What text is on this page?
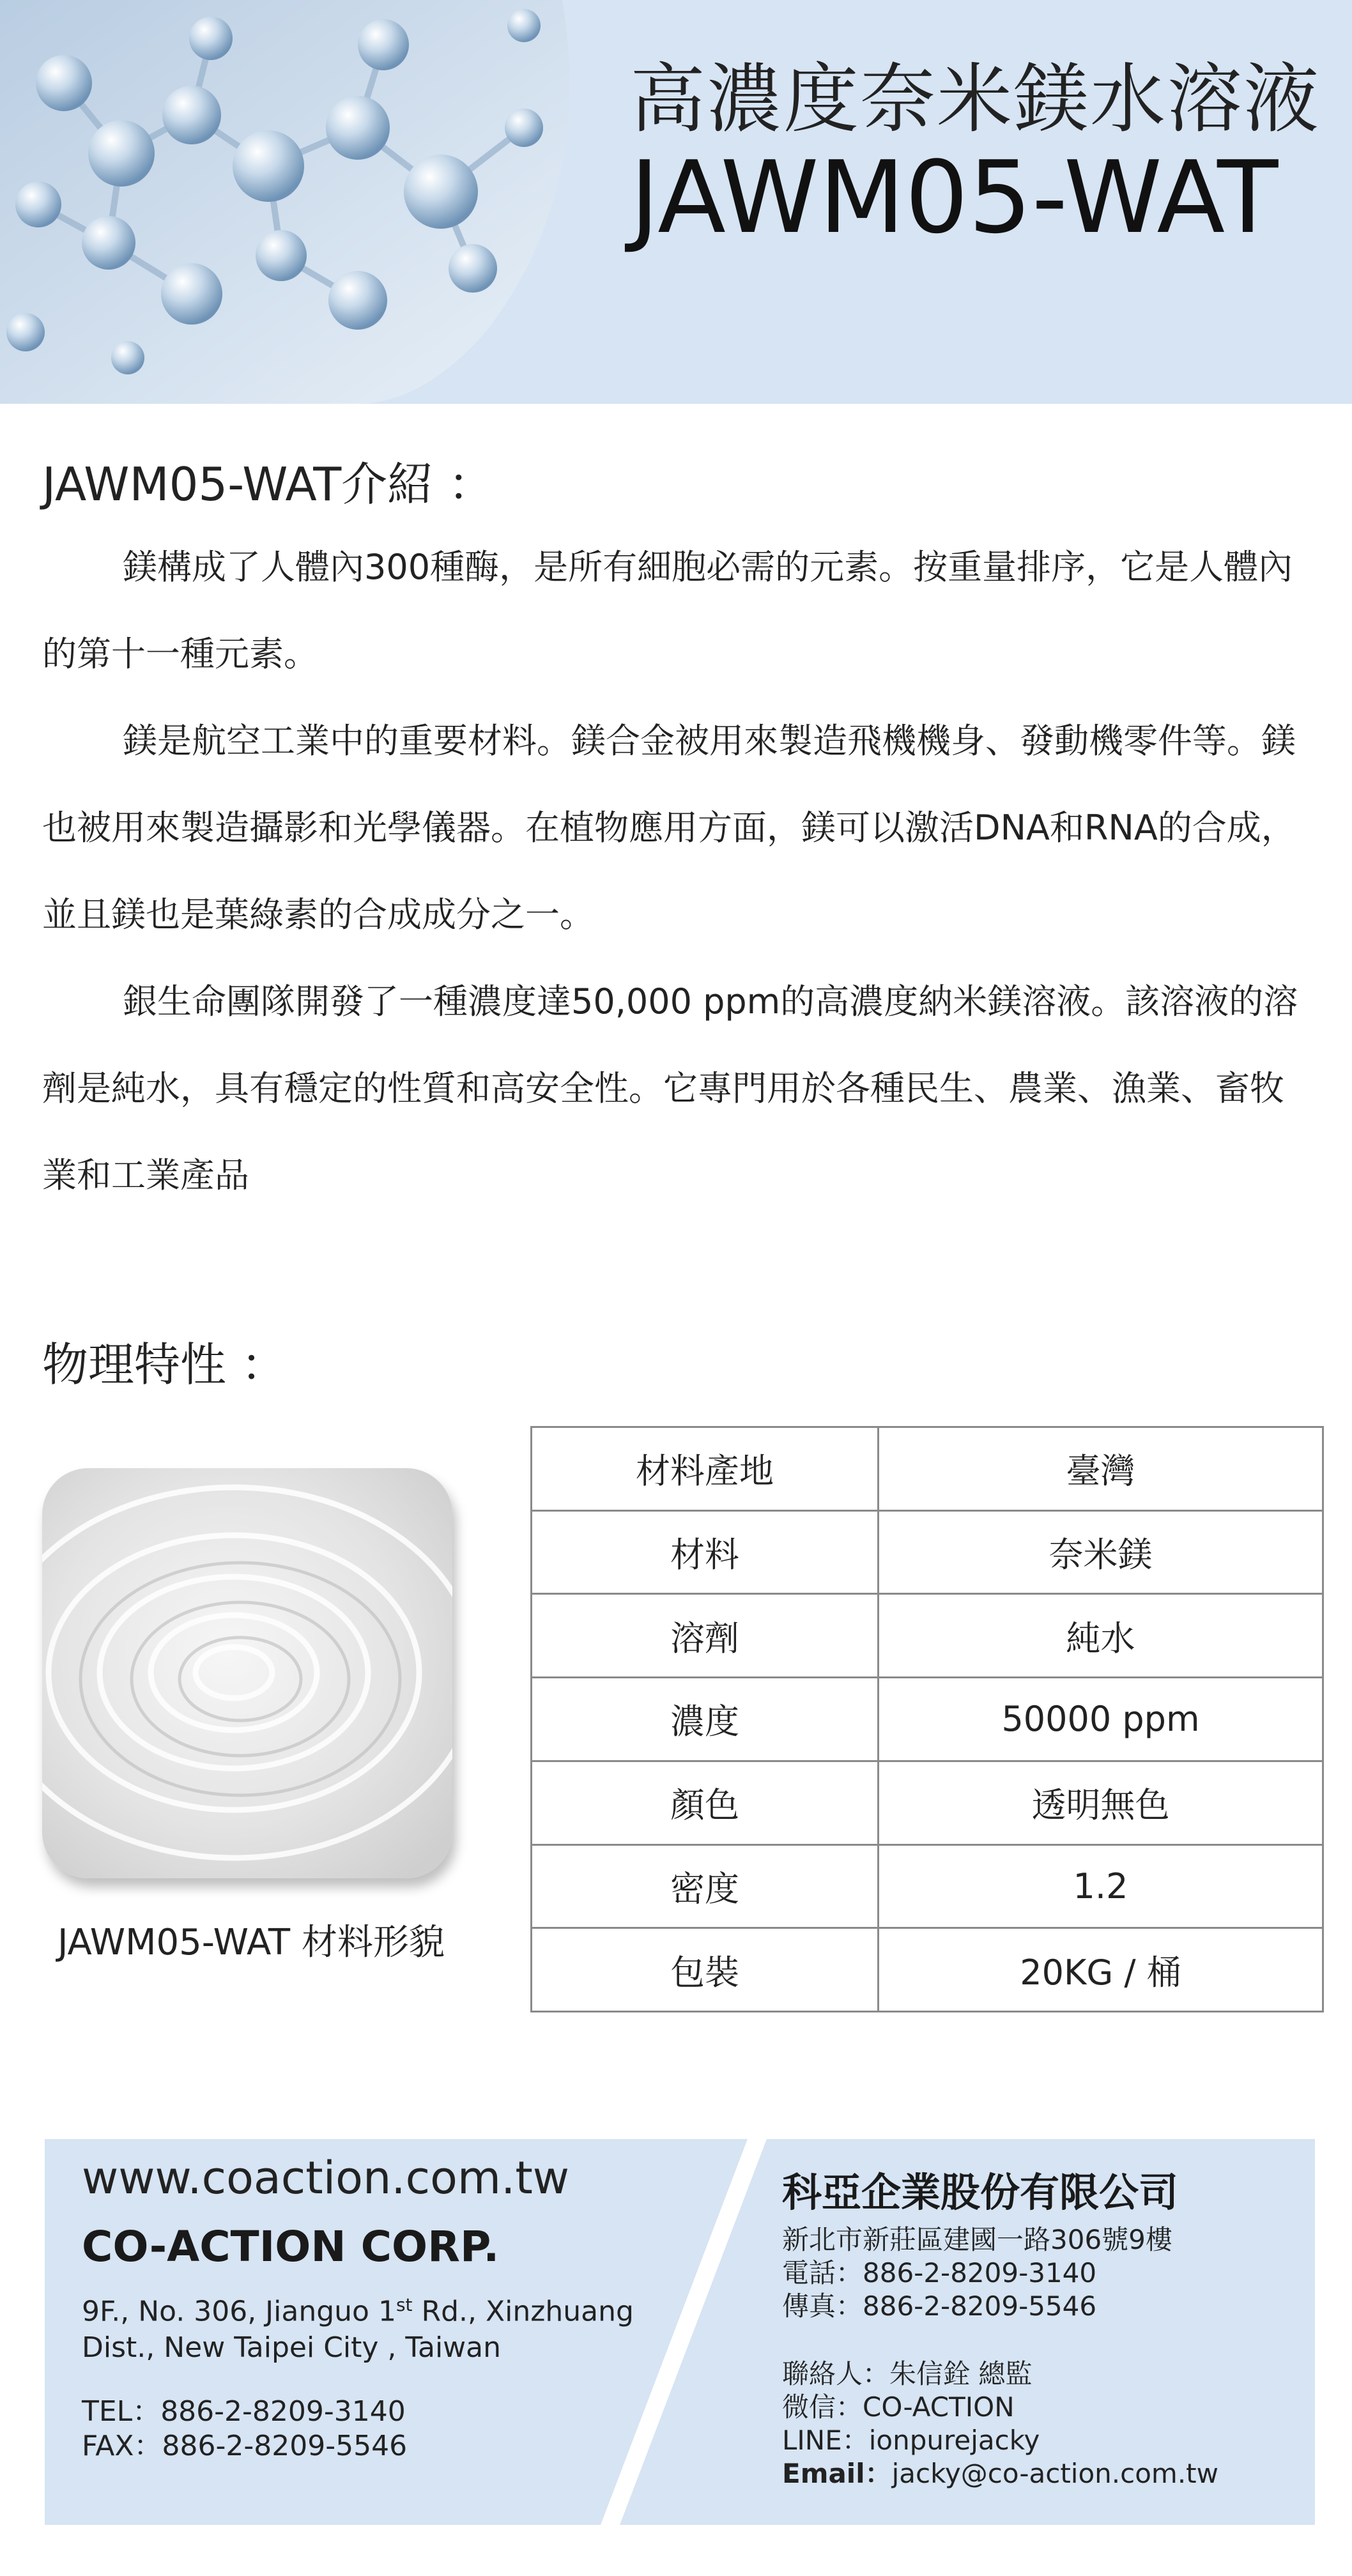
高濃度奈米鎂水溶液
JAWM05-WAT
JAWM05-WAT介紹 ：

鎂構成了人體內300種酶，是所有細胞必需的元素。按重量排序，它是人體內的第十一種元素。

鎂是航空工業中的重要材料。鎂合金被用來製造飛機機身、發動機零件等。鎂也被用來製造攝影和光學儀器。在植物應用方面，鎂可以激活DNA和RNA的合成，並且鎂也是葉綠素的合成成分之一。

銀生命團隊開發了一種濃度達50,000 ppm的高濃度納米鎂溶液。該溶液的溶劑是純水，具有穩定的性質和高安全性。它專門用於各種民生、農業、漁業、畜牧業和工業產品

物理特性 ：
JAWM05-WAT 材料形貌
材料產地	臺灣
材料	奈米鎂
溶劑	純水
濃度	50000 ppm
顏色	透明無色
密度	1.2
包裝	20KG / 桶
www.coaction.com.tw
CO-ACTION CORP.
9F., No. 306, Jianguo 1st Rd., Xinzhuang
Dist., New Taipei City , Taiwan
TEL：886-2-8209-3140
FAX：886-2-8209-5546
科亞企業股份有限公司
新北市新莊區建國一路306號9樓
電話：886-2-8209-3140
傳真：886-2-8209-5546
聯絡人：朱信銓 總監
微信：CO-ACTION
LINE：ionpurejacky
Email：jacky@co-action.com.tw
